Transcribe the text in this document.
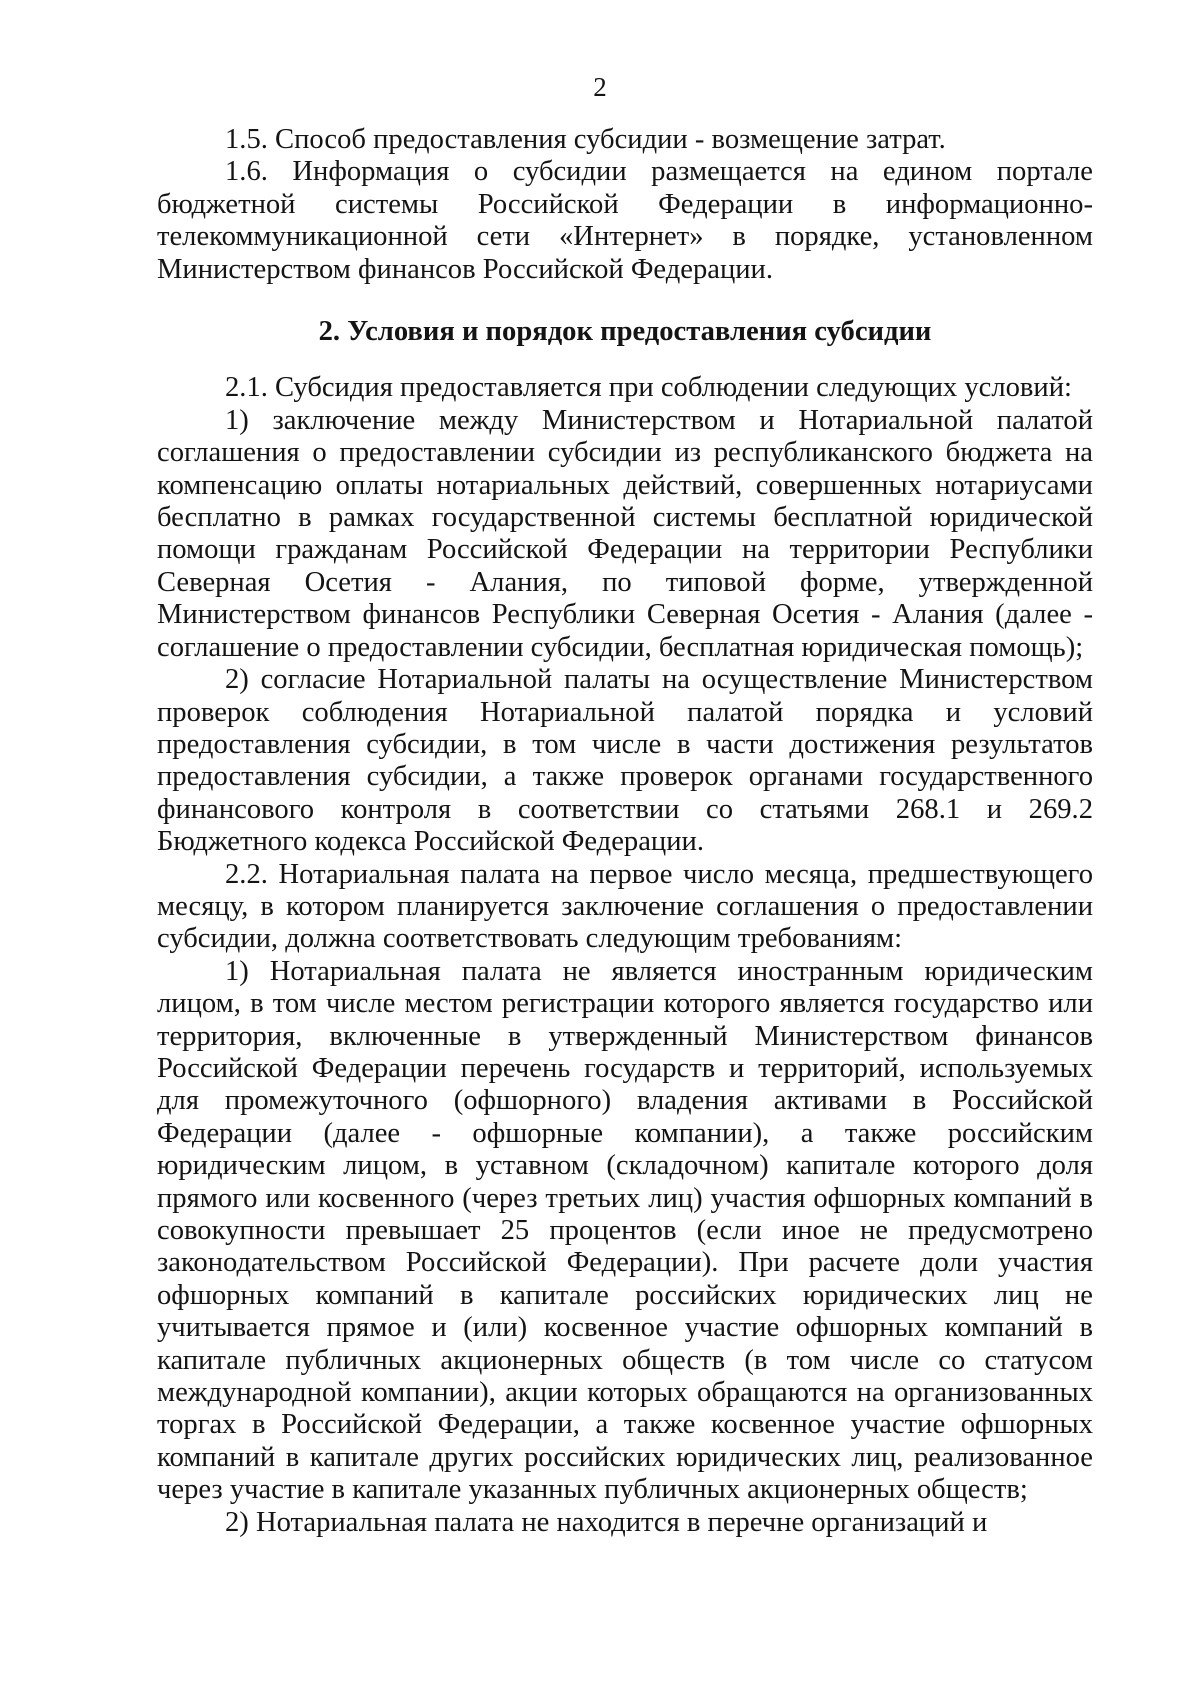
2

1.5. Способ предоставления субсидии - возмещение затрат.

1.6. Информация о субсидии размещается на едином портале бюджетной системы Российской Федерации в информационно-телекоммуникационной сети «Интернет» в порядке, установленном Министерством финансов Российской Федерации.

2. Условия и порядок предоставления субсидии

2.1. Субсидия предоставляется при соблюдении следующих условий:

1) заключение между Министерством и Нотариальной палатой соглашения о предоставлении субсидии из республиканского бюджета на компенсацию оплаты нотариальных действий, совершенных нотариусами бесплатно в рамках государственной системы бесплатной юридической помощи гражданам Российской Федерации на территории Республики Северная Осетия - Алания, по типовой форме, утвержденной Министерством финансов Республики Северная Осетия - Алания (далее - соглашение о предоставлении субсидии, бесплатная юридическая помощь);

2) согласие Нотариальной палаты на осуществление Министерством проверок соблюдения Нотариальной палатой порядка и условий предоставления субсидии, в том числе в части достижения результатов предоставления субсидии, а также проверок органами государственного финансового контроля в соответствии со статьями 268.1 и 269.2 Бюджетного кодекса Российской Федерации.

2.2. Нотариальная палата на первое число месяца, предшествующего месяцу, в котором планируется заключение соглашения о предоставлении субсидии, должна соответствовать следующим требованиям:

1) Нотариальная палата не является иностранным юридическим лицом, в том числе местом регистрации которого является государство или территория, включенные в утвержденный Министерством финансов Российской Федерации перечень государств и территорий, используемых для промежуточного (офшорного) владения активами в Российской Федерации (далее - офшорные компании), а также российским юридическим лицом, в уставном (складочном) капитале которого доля прямого или косвенного (через третьих лиц) участия офшорных компаний в совокупности превышает 25 процентов (если иное не предусмотрено законодательством Российской Федерации). При расчете доли участия офшорных компаний в капитале российских юридических лиц не учитывается прямое и (или) косвенное участие офшорных компаний в капитале публичных акционерных обществ (в том числе со статусом международной компании), акции которых обращаются на организованных торгах в Российской Федерации, а также косвенное участие офшорных компаний в капитале других российских юридических лиц, реализованное через участие в капитале указанных публичных акционерных обществ;

2) Нотариальная палата не находится в перечне организаций и
